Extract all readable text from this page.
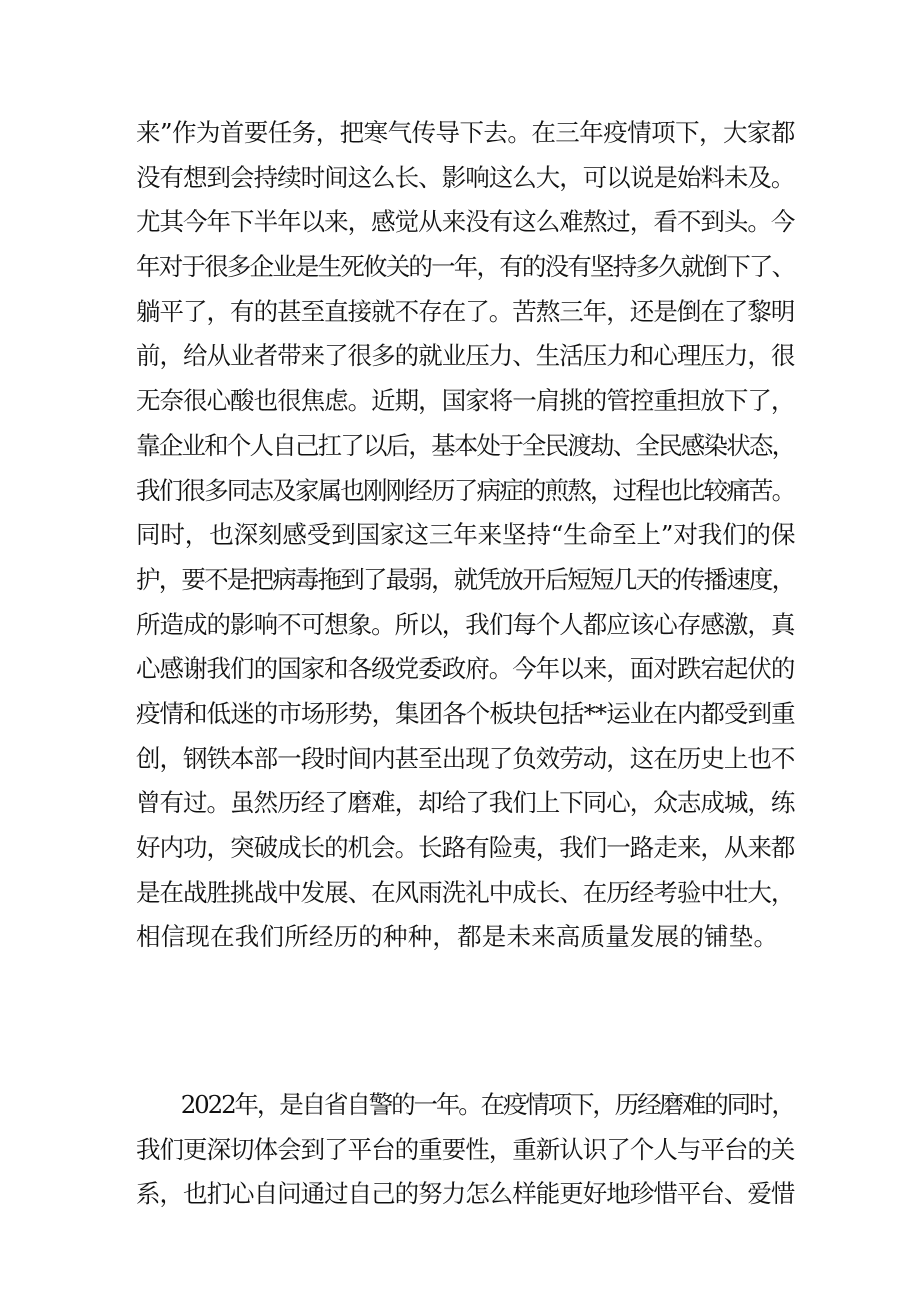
来”作为首要任务，把寒气传导下去。在三年疫情项下，大家都
没有想到会持续时间这么长、影响这么大，可以说是始料未及。
尤其今年下半年以来，感觉从来没有这么难熬过，看不到头。今
年对于很多企业是生死攸关的一年，有的没有坚持多久就倒下了、
躺平了，有的甚至直接就不存在了。苦熬三年，还是倒在了黎明
前，给从业者带来了很多的就业压力、生活压力和心理压力，很
无奈很心酸也很焦虑。近期，国家将一肩挑的管控重担放下了，
靠企业和个人自己扛了以后，基本处于全民渡劫、全民感染状态，
我们很多同志及家属也刚刚经历了病症的煎熬，过程也比较痛苦。
同时，也深刻感受到国家这三年来坚持“生命至上”对我们的保
护，要不是把病毒拖到了最弱，就凭放开后短短几天的传播速度，
所造成的影响不可想象。所以，我们每个人都应该心存感激，真
心感谢我们的国家和各级党委政府。今年以来，面对跌宕起伏的
疫情和低迷的市场形势，集团各个板块包括**运业在内都受到重
创，钢铁本部一段时间内甚至出现了负效劳动，这在历史上也不
曾有过。虽然历经了磨难，却给了我们上下同心，众志成城，练
好内功，突破成长的机会。长路有险夷，我们一路走来，从来都
是在战胜挑战中发展、在风雨洗礼中成长、在历经考验中壮大，
相信现在我们所经历的种种，都是未来高质量发展的铺垫。
　　2022年，是自省自警的一年。在疫情项下，历经磨难的同时，
我们更深切体会到了平台的重要性，重新认识了个人与平台的关
系，也扪心自问通过自己的努力怎么样能更好地珍惜平台、爱惜
